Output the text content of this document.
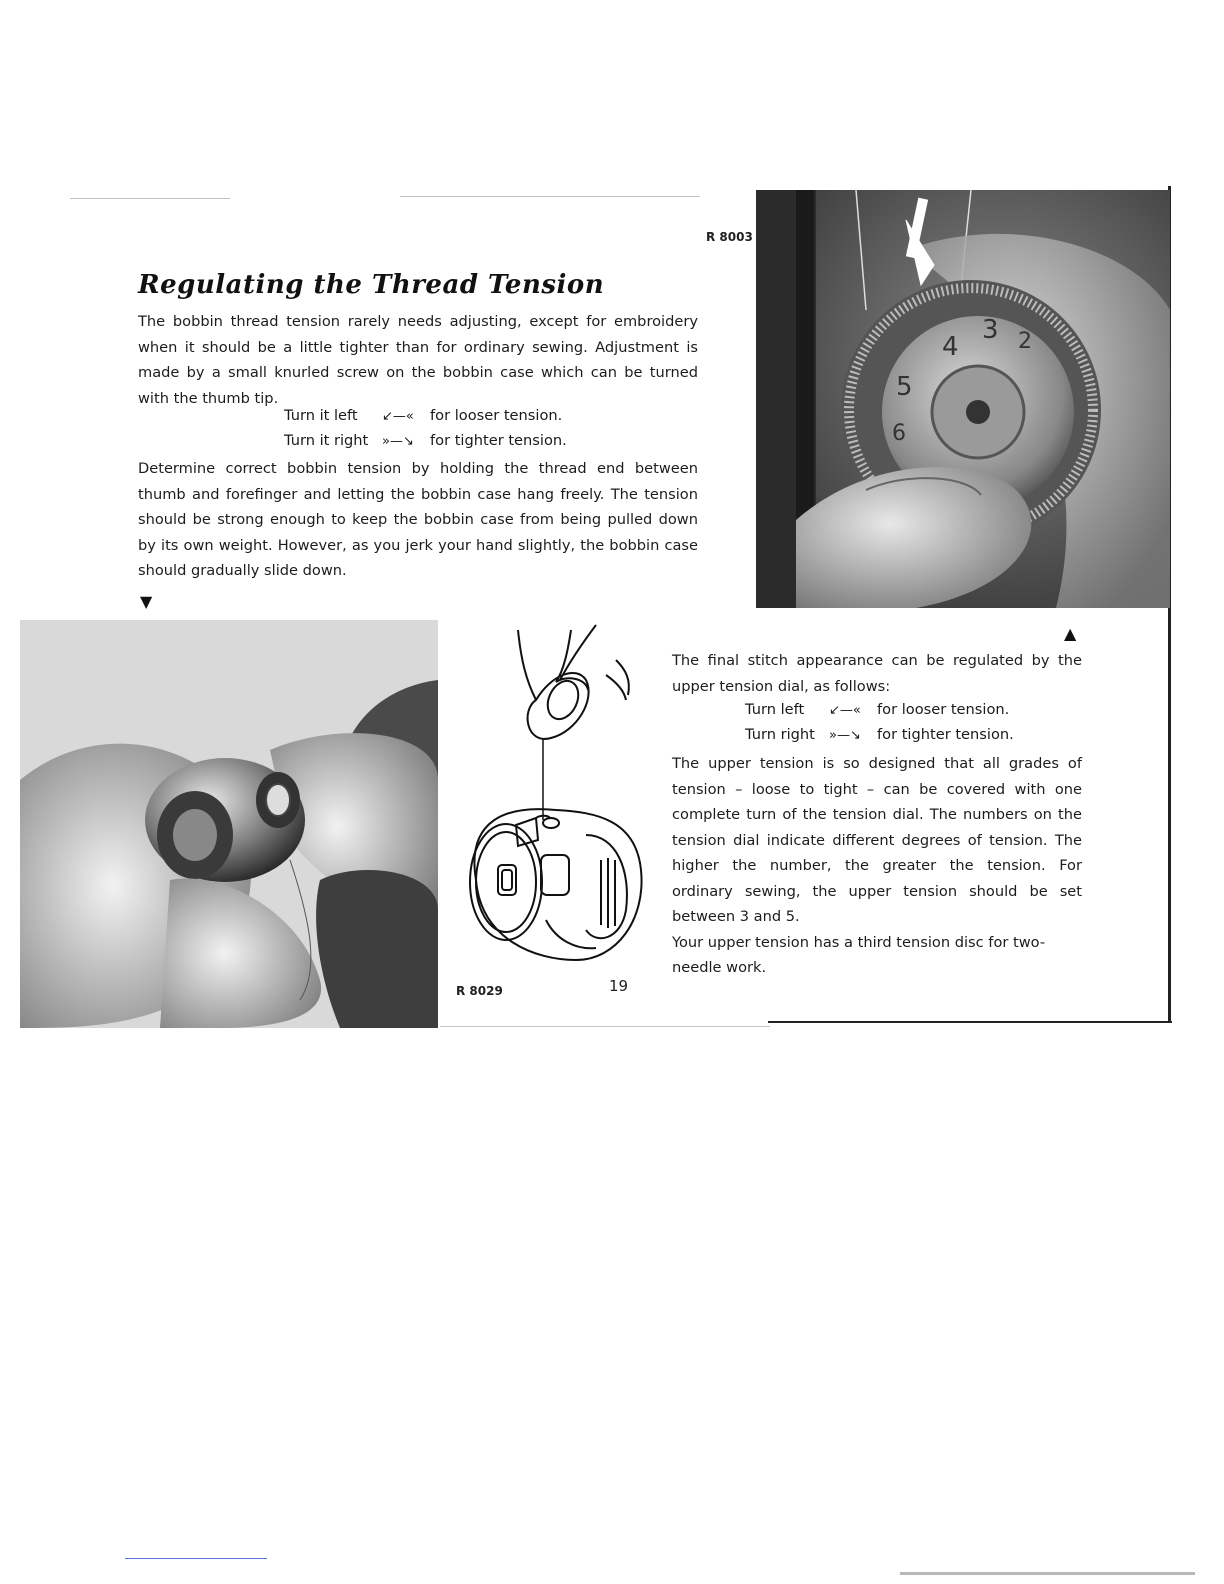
R 8003
4
3 2
5
6
Regulating the Thread Tension

The bobbin thread tension rarely needs adjusting, except for embroidery when it should be a little tighter than for ordinary sewing. Adjustment is made by a small knurled screw on the bobbin case which can be turned with the thumb tip.

Turn it left ↙—« for looser tension.
Turn it right »—↘ for tighter tension.

Determine correct bobbin tension by holding the thread end between thumb and forefinger and letting the bobbin case hang freely. The tension should be strong enough to keep the bobbin case from being pulled down by its own weight. However, as you jerk your hand slightly, the bobbin case should gradually slide down.

▼
R 8029	19
▲

The final stitch appearance can be regulated by the upper tension dial, as follows:

Turn left ↙—« for looser tension.
Turn right »—↘ for tighter tension.

The upper tension is so designed that all grades of tension – loose to tight – can be covered with one complete turn of the tension dial. The numbers on the tension dial indicate different degrees of tension. The higher the number, the greater the tension. For ordinary sewing, the upper tension should be set between 3 and 5.

Your upper tension has a third tension disc for two-needle work.
